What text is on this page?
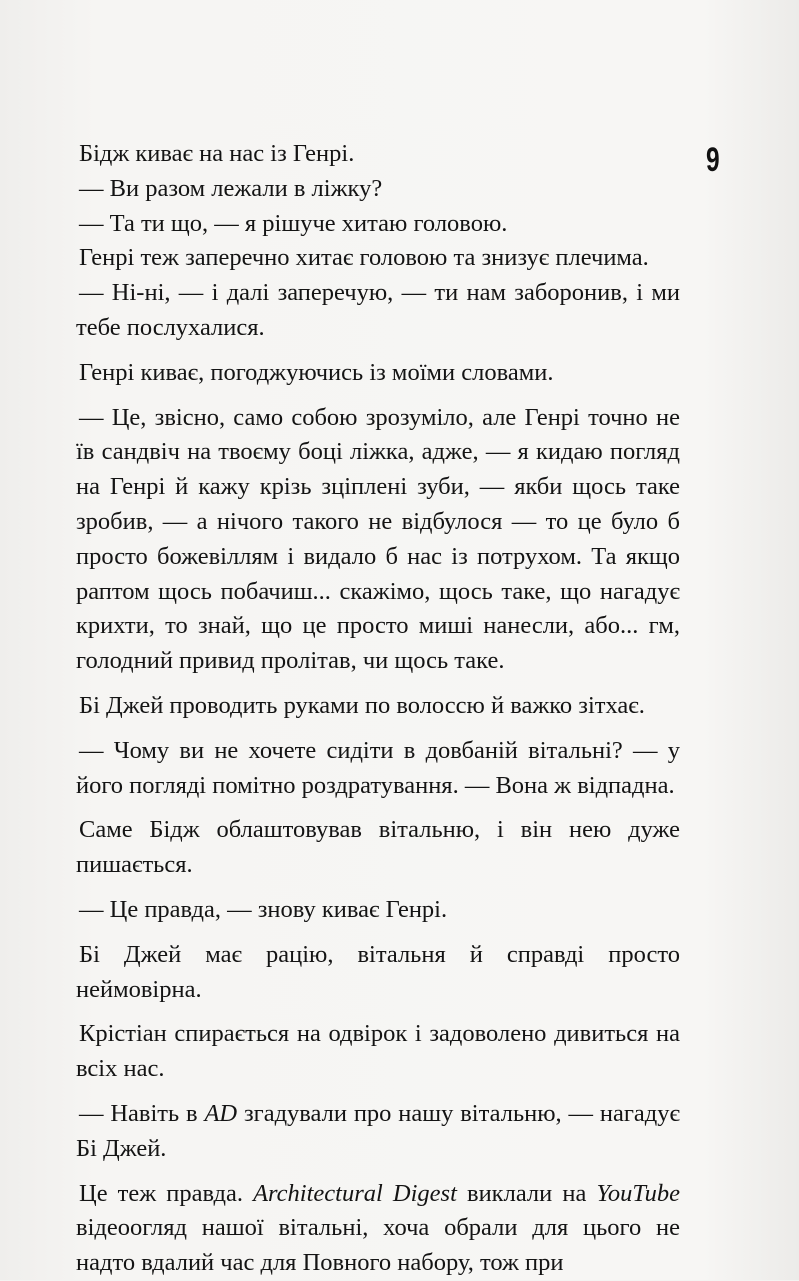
9

Бідж киває на нас із Генрі.

— Ви разом лежали в ліжку?

— Та ти що, — я рішуче хитаю головою.

Генрі теж заперечно хитає головою та знизує плечима.

— Ні-ні, — і далі заперечую, — ти нам заборонив, і ми тебе послухалися.

Генрі киває, погоджуючись із моїми словами.

— Це, звісно, само собою зрозуміло, але Генрі точно не їв сандвіч на твоєму боці ліжка, адже, — я кидаю погляд на Генрі й кажу крізь зціплені зуби, — якби щось таке зробив, — а нічого такого не відбулося — то це було б просто божевіллям і видало б нас із потрухом. Та якщо раптом щось побачиш... скажімо, щось таке, що нагадує крихти, то знай, що це просто миші нанесли, або... гм, голодний привид пролітав, чи щось таке.

Бі Джей проводить руками по волоссю й важко зітхає.

— Чому ви не хочете сидіти в довбаній вітальні? — у його погляді помітно роздратування. — Вона ж відпадна.

Саме Бідж облаштовував вітальню, і він нею дуже пишається.

— Це правда, — знову киває Генрі.

Бі Джей має рацію, вітальня й справді просто неймовірна.

Крістіан спирається на одвірок і задоволено дивиться на всіх нас.

— Навіть в AD згадували про нашу вітальню, — нагадує Бі Джей.

Це теж правда. Architectural Digest виклали на YouTube відеоогляд нашої вітальні, хоча обрали для цього не надто вдалий час для Повного набору, тож при
